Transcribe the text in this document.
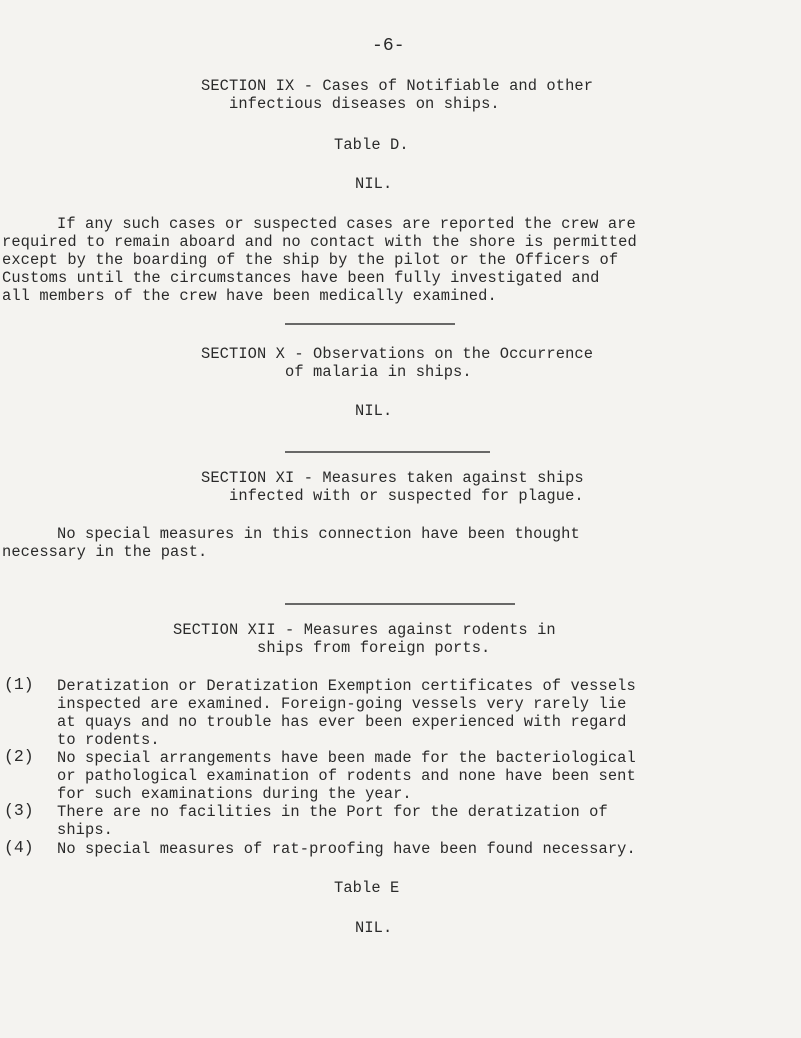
-6-
SECTION IX - Cases of Notifiable and other
infectious diseases on ships.
Table D.
NIL.
If any such cases or suspected cases are reported the crew are
required to remain aboard and no contact with the shore is permitted
except by the boarding of the ship by the pilot or the Officers of
Customs until the circumstances have been fully investigated and
all members of the crew have been medically examined.
SECTION X - Observations on the Occurrence
of malaria in ships.
NIL.
SECTION XI - Measures taken against ships
infected with or suspected for plague.
No special measures in this connection have been thought
necessary in the past.
SECTION XII - Measures against rodents in
ships from foreign ports.
(1) Deratization or Deratization Exemption certificates of vessels
inspected are examined. Foreign-going vessels very rarely lie
at quays and no trouble has ever been experienced with regard
to rodents.
(2) No special arrangements have been made for the bacteriological
or pathological examination of rodents and none have been sent
for such examinations during the year.
(3) There are no facilities in the Port for the deratization of
ships.
(4) No special measures of rat-proofing have been found necessary.
Table E
NIL.
